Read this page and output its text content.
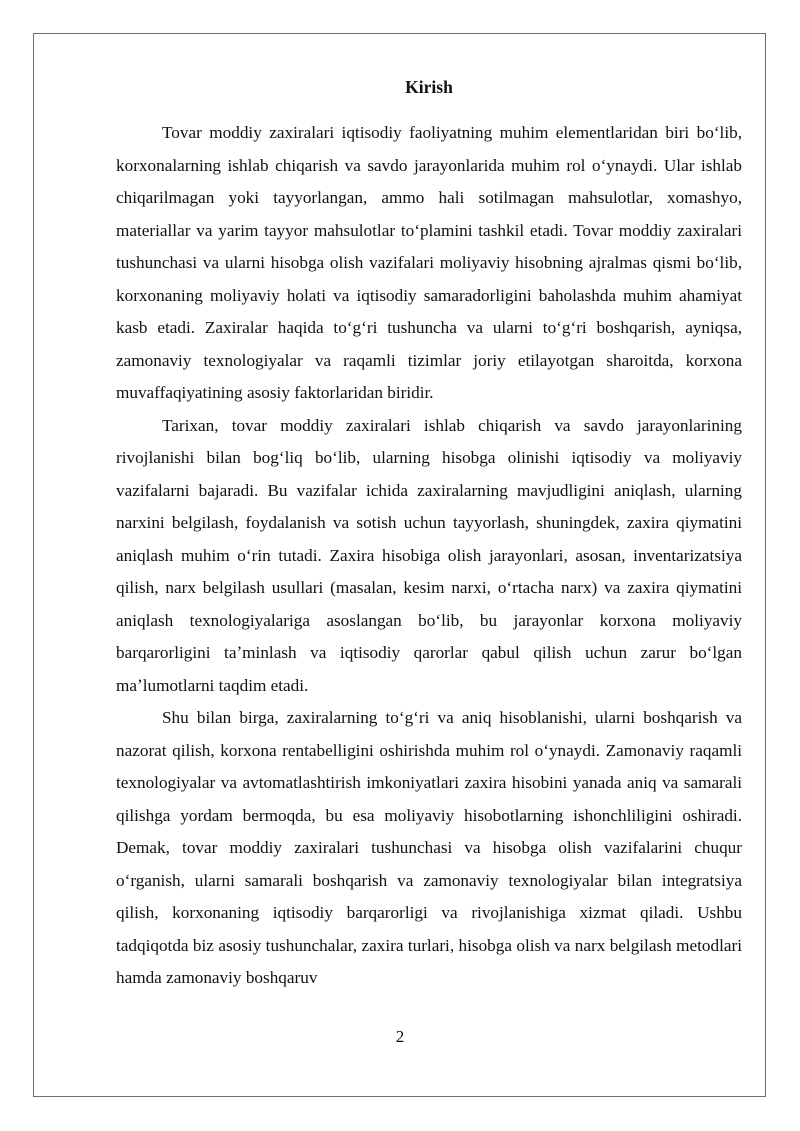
Kirish

Tovar moddiy zaxiralari iqtisodiy faoliyatning muhim elementlaridan biri boʻlib, korxonalarning ishlab chiqarish va savdo jarayonlarida muhim rol oʻynaydi. Ular ishlab chiqarilmagan yoki tayyorlangan, ammo hali sotilmagan mahsulotlar, xomashyo, materiallar va yarim tayyor mahsulotlar toʻplamini tashkil etadi. Tovar moddiy zaxiralari tushunchasi va ularni hisobga olish vazifalari moliyaviy hisobning ajralmas qismi boʻlib, korxonaning moliyaviy holati va iqtisodiy samaradorligini baholashda muhim ahamiyat kasb etadi. Zaxiralar haqida toʻgʻri tushuncha va ularni toʻgʻri boshqarish, ayniqsa, zamonaviy texnologiyalar va raqamli tizimlar joriy etilayotgan sharoitda, korxona muvaffaqiyatining asosiy faktorlaridan biridir.

Tarixan, tovar moddiy zaxiralari ishlab chiqarish va savdo jarayonlarining rivojlanishi bilan bogʻliq boʻlib, ularning hisobga olinishi iqtisodiy va moliyaviy vazifalarni bajaradi. Bu vazifalar ichida zaxiralarning mavjudligini aniqlash, ularning narxini belgilash, foydalanish va sotish uchun tayyorlash, shuningdek, zaxira qiymatini aniqlash muhim oʻrin tutadi. Zaxira hisobiga olish jarayonlari, asosan, inventarizatsiya qilish, narx belgilash usullari (masalan, kesim narxi, oʻrtacha narx) va zaxira qiymatini aniqlash texnologiyalariga asoslangan boʻlib, bu jarayonlar korxona moliyaviy barqarorligini taʼminlash va iqtisodiy qarorlar qabul qilish uchun zarur boʻlgan maʼlumotlarni taqdim etadi.

Shu bilan birga, zaxiralarning toʻgʻri va aniq hisoblanishi, ularni boshqarish va nazorat qilish, korxona rentabelligini oshirishda muhim rol oʻynaydi. Zamonaviy raqamli texnologiyalar va avtomatlashtirish imkoniyatlari zaxira hisobini yanada aniq va samarali qilishga yordam bermoqda, bu esa moliyaviy hisobotlarning ishonchliligini oshiradi. Demak, tovar moddiy zaxiralari tushunchasi va hisobga olish vazifalarini chuqur oʻrganish, ularni samarali boshqarish va zamonaviy texnologiyalar bilan integratsiya qilish, korxonaning iqtisodiy barqarorligi va rivojlanishiga xizmat qiladi. Ushbu tadqiqotda biz asosiy tushunchalar, zaxira turlari, hisobga olish va narx belgilash metodlari hamda zamonaviy boshqaruv

2
